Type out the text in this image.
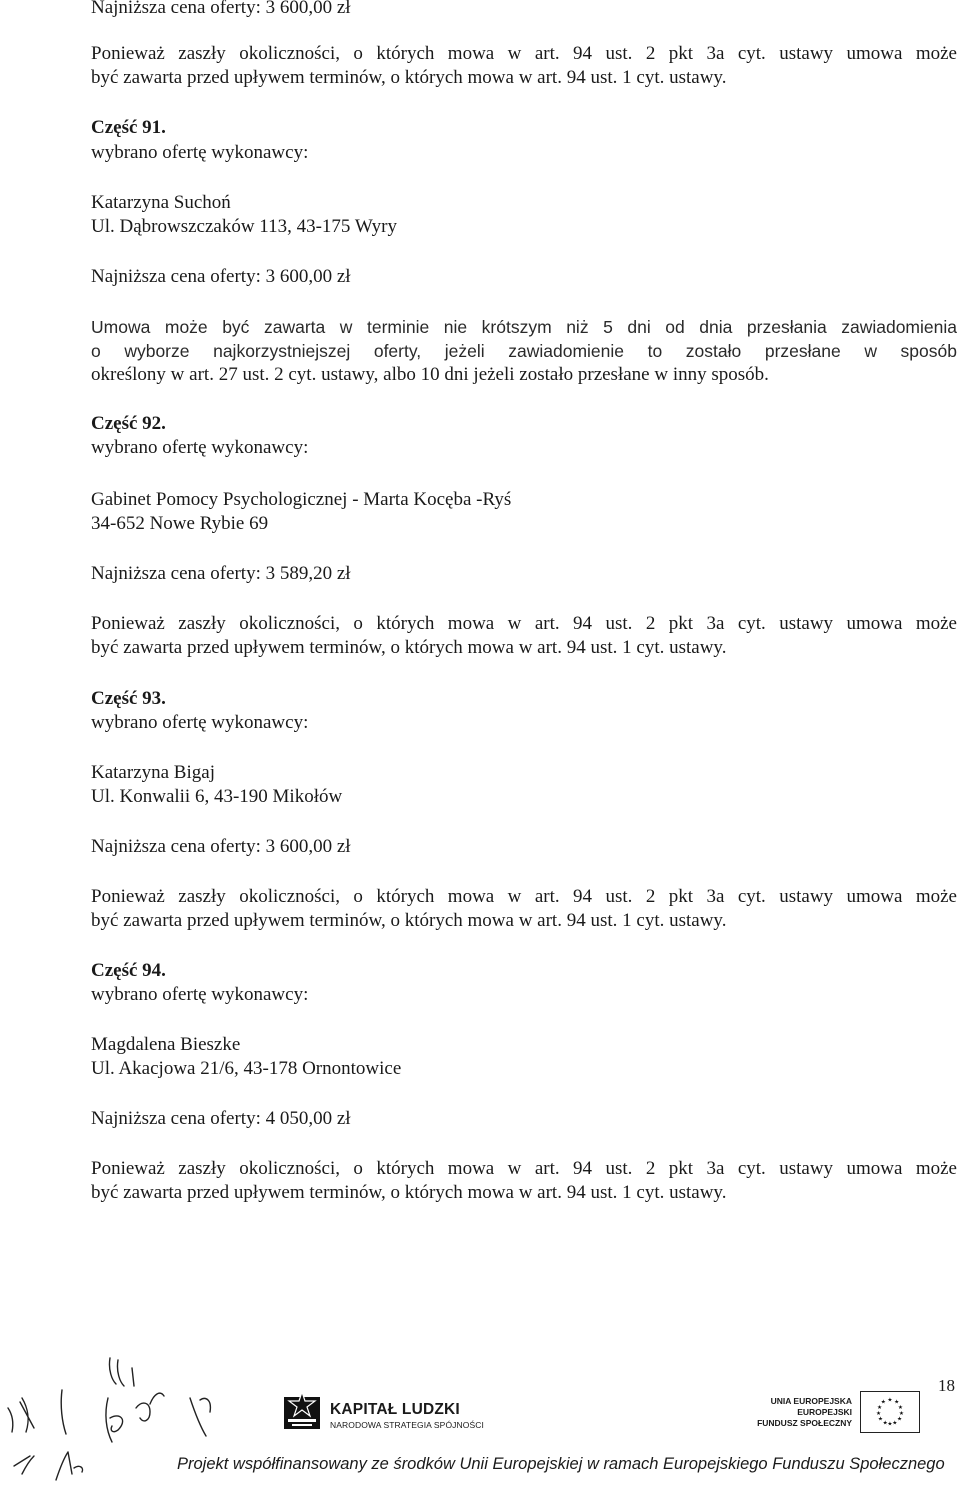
Najniższa cena oferty: 3 600,00 zł
Ponieważ zaszły okoliczności, o których mowa w art. 94 ust. 2 pkt 3a cyt. ustawy umowa może
być zawarta przed upływem terminów, o których mowa w art. 94 ust. 1 cyt. ustawy.
Część 91.
wybrano ofertę wykonawcy:
Katarzyna Suchoń
Ul. Dąbrowszczaków 113, 43-175 Wyry
Najniższa cena oferty: 3 600,00 zł
Umowa może być zawarta w terminie nie krótszym niż 5 dni od dnia przesłania zawiadomienia
o wyborze najkorzystniejszej oferty, jeżeli zawiadomienie to zostało przesłane w sposób
określony w art. 27 ust. 2 cyt. ustawy, albo 10 dni jeżeli zostało przesłane w inny sposób.
Część 92.
wybrano ofertę wykonawcy:
Gabinet Pomocy Psychologicznej - Marta Kocęba -Ryś
34-652 Nowe Rybie 69
Najniższa cena oferty: 3 589,20 zł
Ponieważ zaszły okoliczności, o których mowa w art. 94 ust. 2 pkt 3a cyt. ustawy umowa może
być zawarta przed upływem terminów, o których mowa w art. 94 ust. 1 cyt. ustawy.
Część 93.
wybrano ofertę wykonawcy:
Katarzyna Bigaj
Ul. Konwalii 6, 43-190 Mikołów
Najniższa cena oferty: 3 600,00 zł
Ponieważ zaszły okoliczności, o których mowa w art. 94 ust. 2 pkt 3a cyt. ustawy umowa może
być zawarta przed upływem terminów, o których mowa w art. 94 ust. 1 cyt. ustawy.
Część 94.
wybrano ofertę wykonawcy:
Magdalena Bieszke
Ul. Akacjowa 21/6, 43-178 Ornontowice
Najniższa cena oferty: 4 050,00 zł
Ponieważ zaszły okoliczności, o których mowa w art. 94 ust. 2 pkt 3a cyt. ustawy umowa może
być zawarta przed upływem terminów, o których mowa w art. 94 ust. 1 cyt. ustawy.
18
KAPITAŁ LUDZKI
NARODOWA STRATEGIA SPÓJNOŚCI
UNIA EUROPEJSKA
EUROPEJSKI
FUNDUSZ SPOŁECZNY
★ ★
★
★
★
★
★
★
★
★
★
★
Projekt współfinansowany ze środków Unii Europejskiej w ramach Europejskiego Funduszu Społecznego
